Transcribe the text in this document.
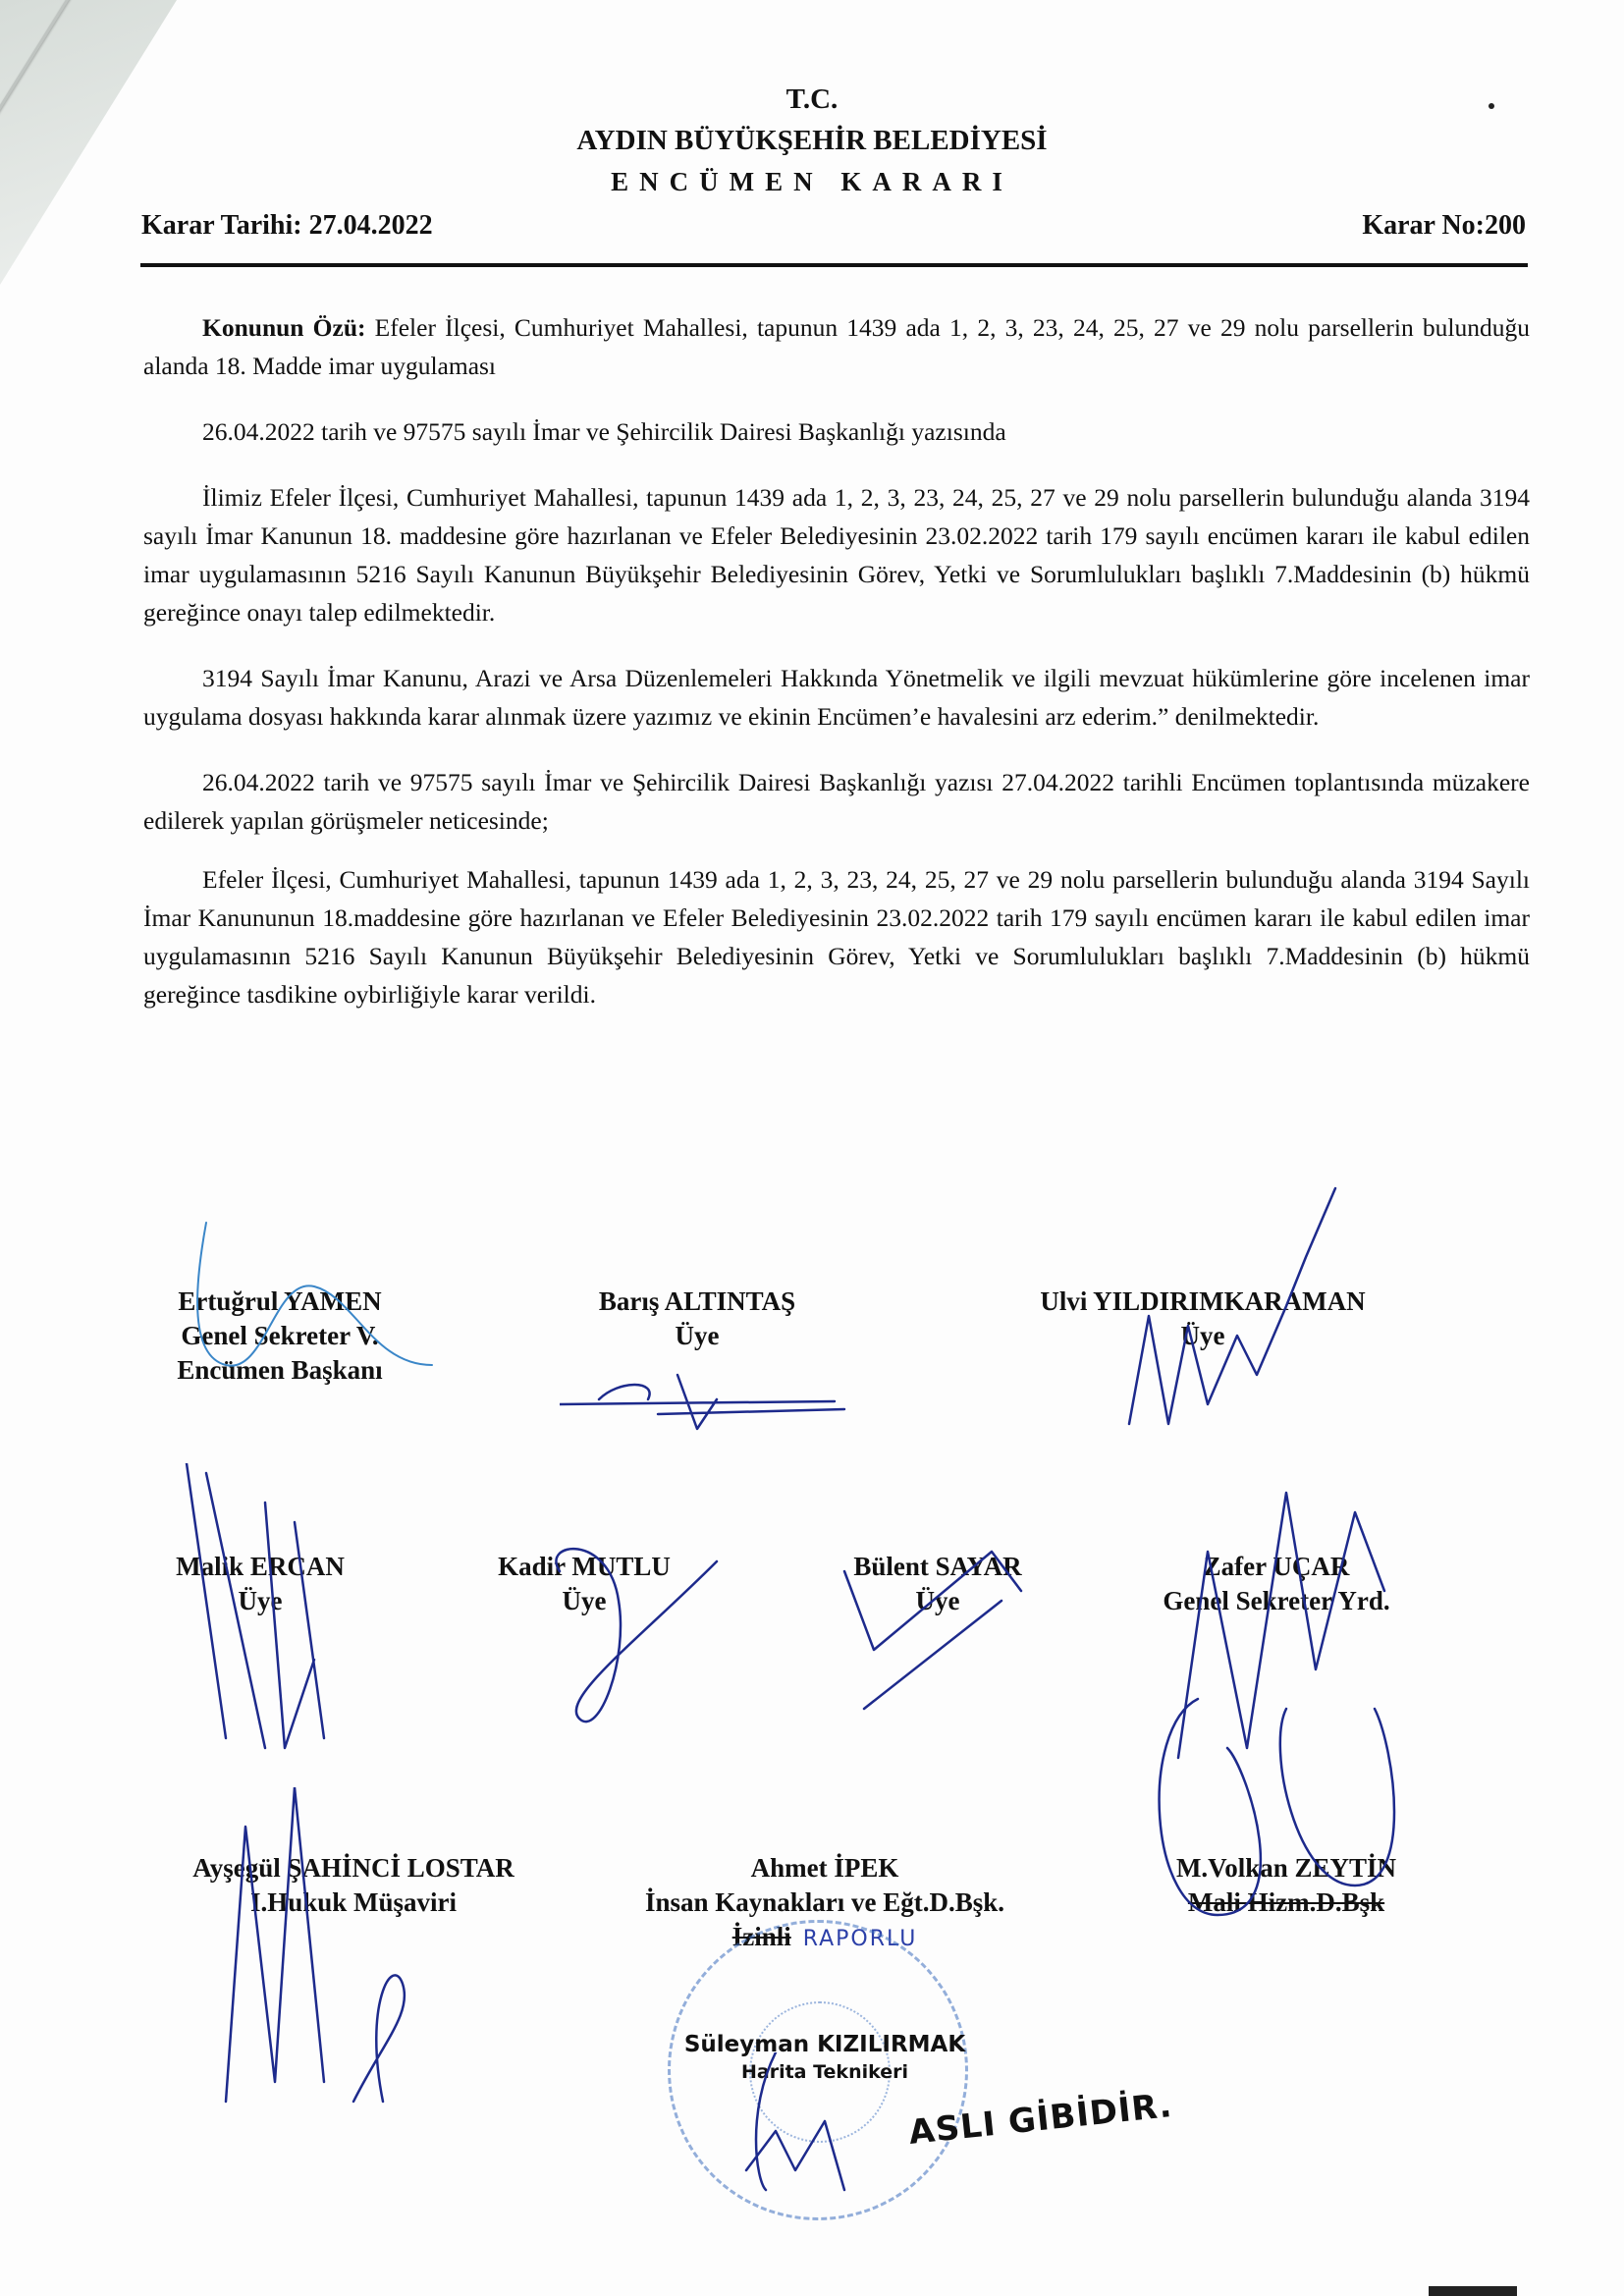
T.C.
AYDIN BÜYÜKŞEHİR BELEDİYESİ
ENCÜMEN KARARI
Karar Tarihi: 27.04.2022	Karar No:200

Konunun Özü: Efeler İlçesi, Cumhuriyet Mahallesi, tapunun 1439 ada 1, 2, 3, 23, 24, 25, 27 ve 29 nolu parsellerin bulunduğu alanda 18. Madde imar uygulaması

26.04.2022 tarih ve 97575 sayılı İmar ve Şehircilik Dairesi Başkanlığı yazısında

İlimiz Efeler İlçesi, Cumhuriyet Mahallesi, tapunun 1439 ada 1, 2, 3, 23, 24, 25, 27 ve 29 nolu parsellerin bulunduğu alanda 3194 sayılı İmar Kanunun 18. maddesine göre hazırlanan ve Efeler Belediyesinin 23.02.2022 tarih 179 sayılı encümen kararı ile kabul edilen imar uygulamasının 5216 Sayılı Kanunun Büyükşehir Belediyesinin Görev, Yetki ve Sorumlulukları başlıklı 7.Maddesinin (b) hükmü gereğince onayı talep edilmektedir.

3194 Sayılı İmar Kanunu, Arazi ve Arsa Düzenlemeleri Hakkında Yönetmelik ve ilgili mevzuat hükümlerine göre incelenen imar uygulama dosyası hakkında karar alınmak üzere yazımız ve ekinin Encümen’e havalesini arz ederim.” denilmektedir.

26.04.2022 tarih ve 97575 sayılı İmar ve Şehircilik Dairesi Başkanlığı yazısı 27.04.2022 tarihli Encümen toplantısında müzakere edilerek yapılan görüşmeler neticesinde;

Efeler İlçesi, Cumhuriyet Mahallesi, tapunun 1439 ada 1, 2, 3, 23, 24, 25, 27 ve 29 nolu parsellerin bulunduğu alanda 3194 Sayılı İmar Kanununun 18.maddesine göre hazırlanan ve Efeler Belediyesinin 23.02.2022 tarih 179 sayılı encümen kararı ile kabul edilen imar uygulamasının 5216 Sayılı Kanunun Büyükşehir Belediyesinin Görev, Yetki ve Sorumlulukları başlıklı 7.Maddesinin (b) hükmü gereğince tasdikine oybirliğiyle karar verildi.

Ertuğrul YAMEN
Genel Sekreter V.
Encümen Başkanı
Barış ALTINTAŞ
Üye
Ulvi YILDIRIMKARAMAN
Üye
Malik ERCAN
Üye
Kadir MUTLU
Üye
Bülent SAYAR
Üye
Zafer UÇAR
Genel Sekreter Yrd.
Ayşegül ŞAHİNCİ LOSTAR
I.Hukuk Müşaviri
Ahmet İPEK
İnsan Kaynakları ve Eğt.D.Bşk.
İzinli RAPORLU
M.Volkan ZEYTİN
Mali Hizm.D.Bşk
Süleyman KIZILIRMAK
Harita Teknikeri
ASLI GİBİDİR.
